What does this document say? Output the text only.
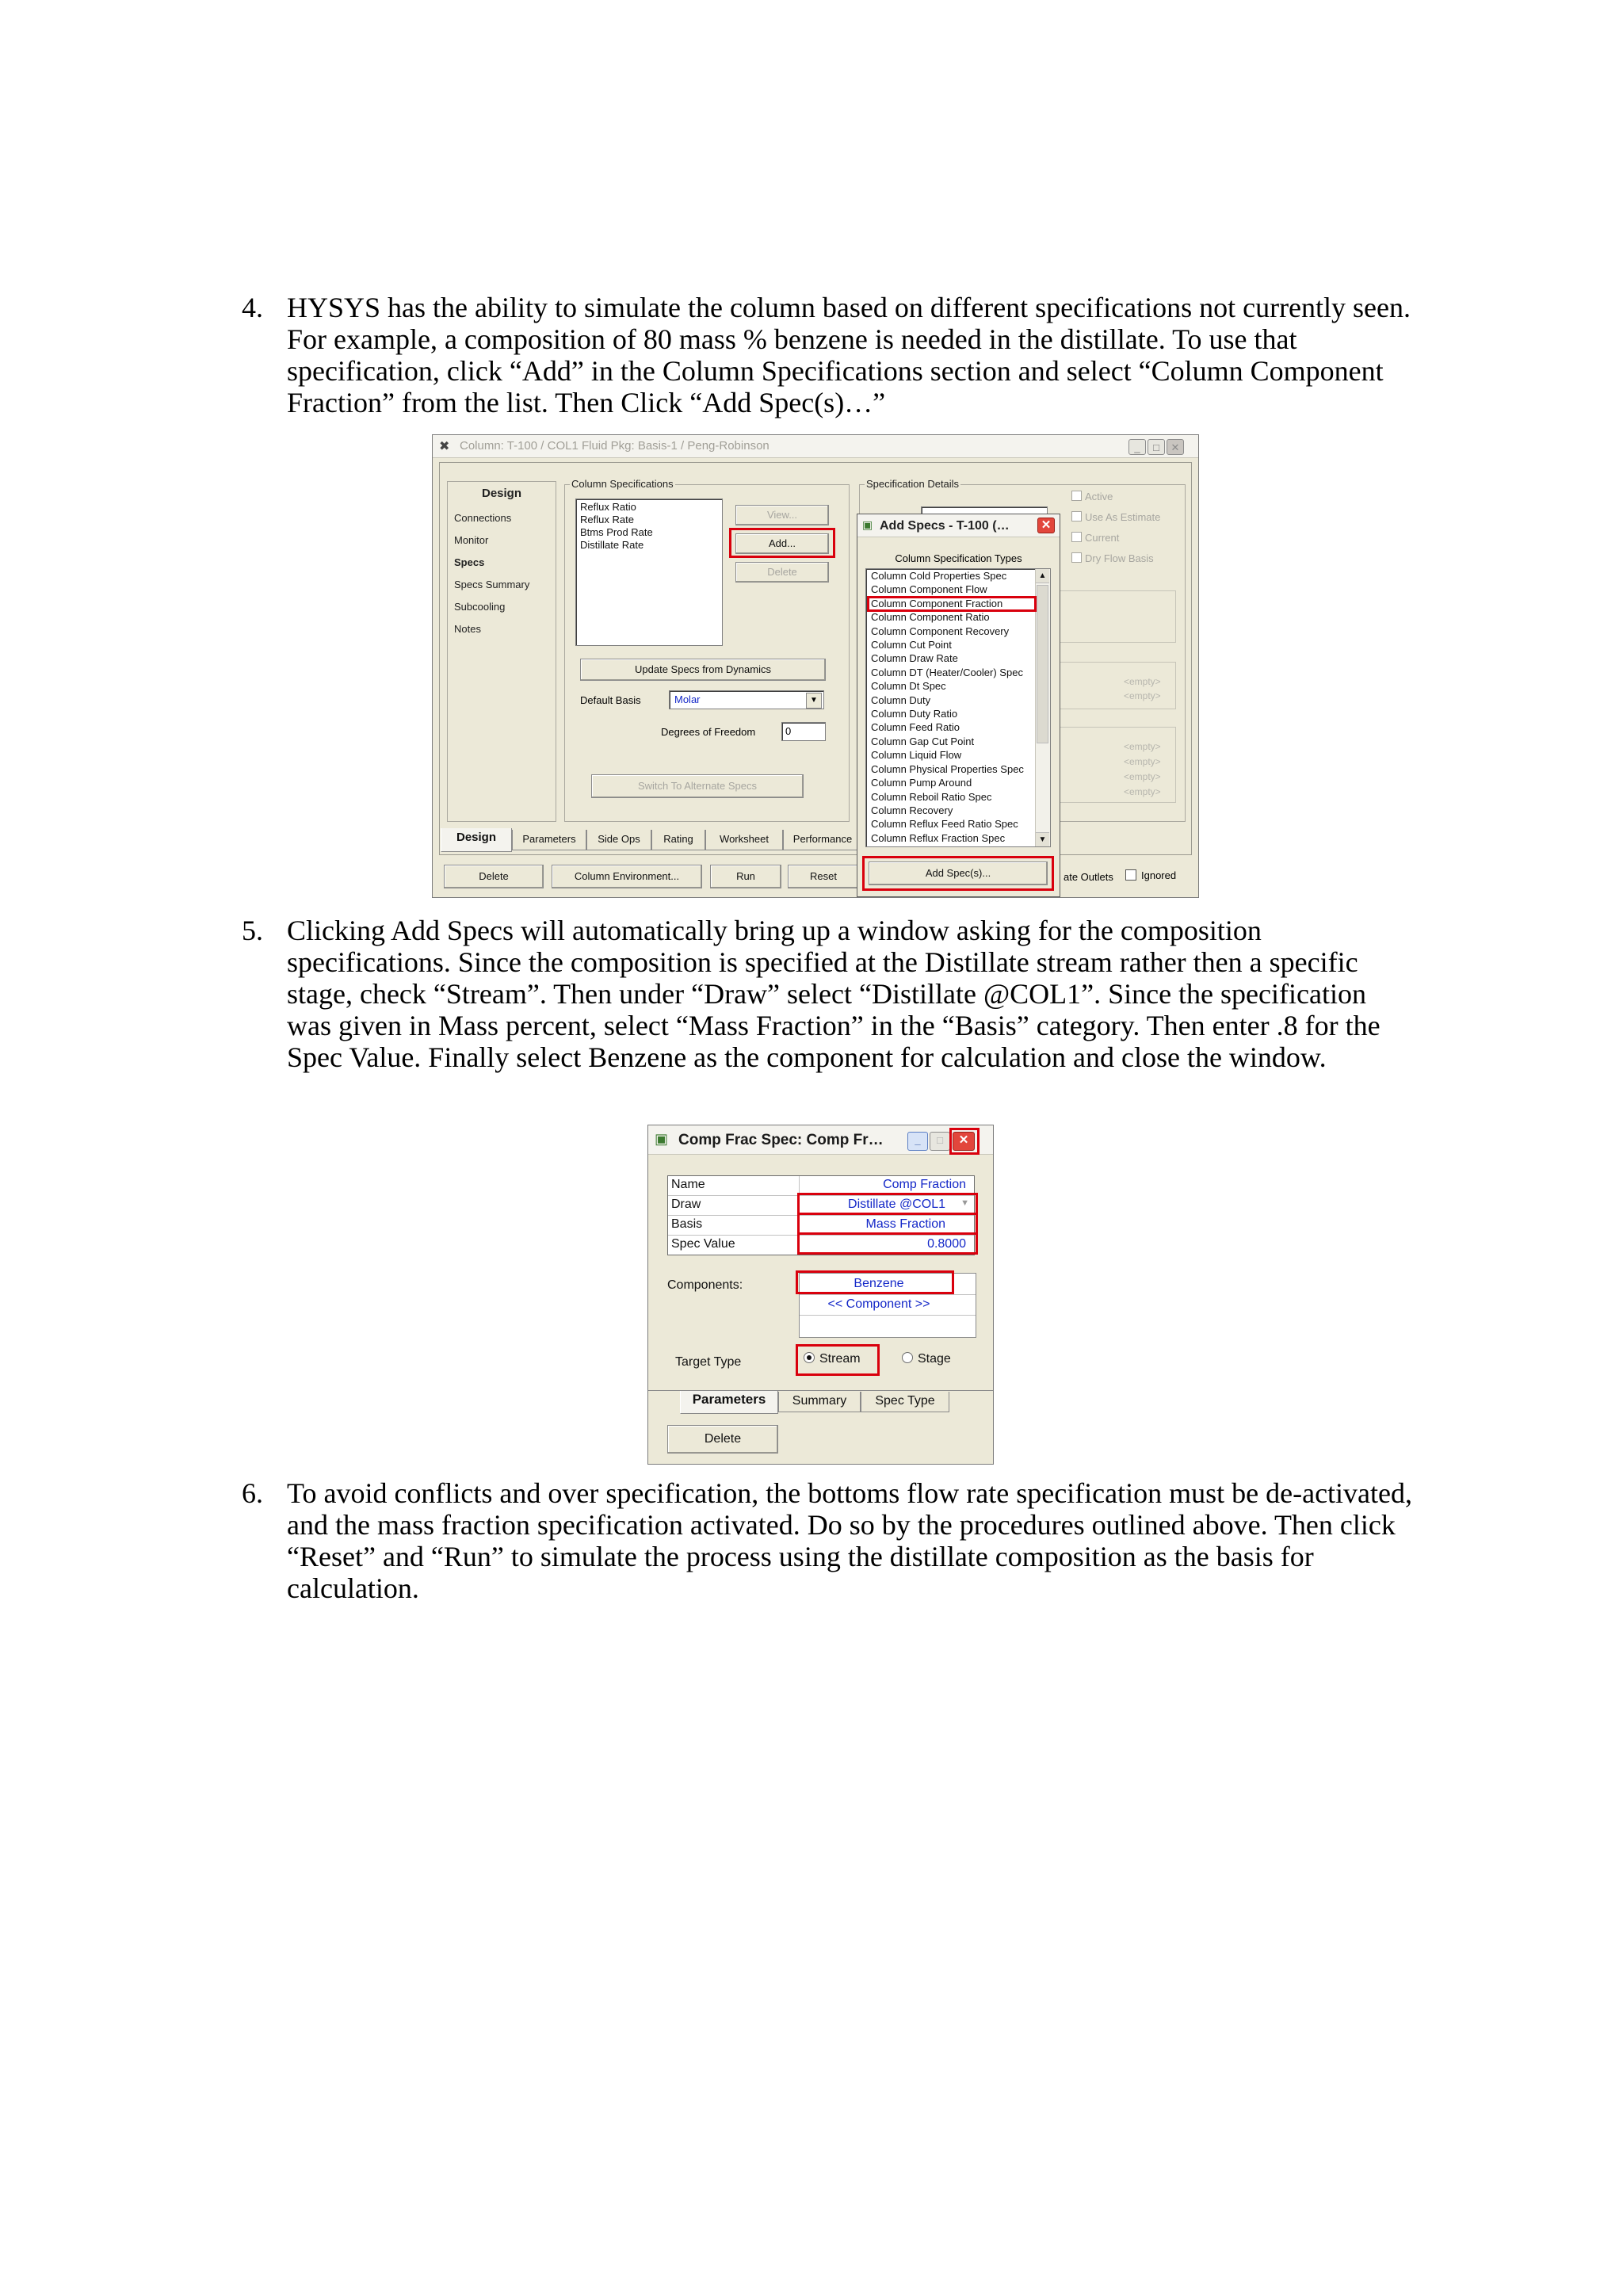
4. HYSYS has the ability to simulate the column based on different specifications not currently seen. For example, a composition of 80 mass % benzene is needed in the distillate. To use that specification, click “Add” in the Column Specifications section and select “Column Component Fraction” from the list. Then Click “Add Spec(s)…”
✖ Column: T-100 / COL1 Fluid Pkg: Basis-1 / Peng-Robinson	_	□	✕
Design
Connections
Monitor
Specs
Specs Summary
Subcooling
Notes
Column Specifications
Reflux Ratio
Reflux Rate
Btms Prod Rate
Distillate Rate
View...
Add...
Delete
Update Specs from Dynamics
Default Basis	Molar	▼
Degrees of Freedom	0
Switch To Alternate Specs
Specification Details
Active
Use As Estimate
Current
Dry Flow Basis
<empty>
<empty>
<empty>
<empty>
<empty>
<empty>
Design	Parameters	Side Ops	Rating	Worksheet	Performance
Delete	Column Environment...	Run	Reset	ate Outlets	Ignored
▣ Add Specs - T-100 (…	✕
Column Specification Types
Column Cold Properties Spec
Column Component Flow
Column Component Fraction
Column Component Ratio
Column Component Recovery
Column Cut Point
Column Draw Rate
Column DT (Heater/Cooler) Spec
Column Dt Spec
Column Duty
Column Duty Ratio
Column Feed Ratio
Column Gap Cut Point
Column Liquid Flow
Column Physical Properties Spec
Column Pump Around
Column Reboil Ratio Spec
Column Recovery
Column Reflux Feed Ratio Spec
Column Reflux Fraction Spec
▲
▼
Add Spec(s)...
5. Clicking Add Specs will automatically bring up a window asking for the composition specifications. Since the composition is specified at the Distillate stream rather then a specific stage, check “Stream”. Then under “Draw” select “Distillate @COL1”. Since the specification was given in Mass percent, select “Mass Fraction” in the “Basis” category. Then enter .8 for the Spec Value. Finally select Benzene as the component for calculation and close the window.
▣ Comp Frac Spec: Comp Fr…	_	□	✕
Name	Comp Fraction
Draw	Distillate @COL1 ▼
Basis	Mass Fraction
Spec Value	0.8000
Components:	Benzene
<< Component >>
Target Type	Stream	Stage
Parameters	Summary	Spec Type
Delete
6. To avoid conflicts and over specification, the bottoms flow rate specification must be de-activated, and the mass fraction specification activated. Do so by the procedures outlined above. Then click “Reset” and “Run” to simulate the process using the distillate composition as the basis for calculation.
